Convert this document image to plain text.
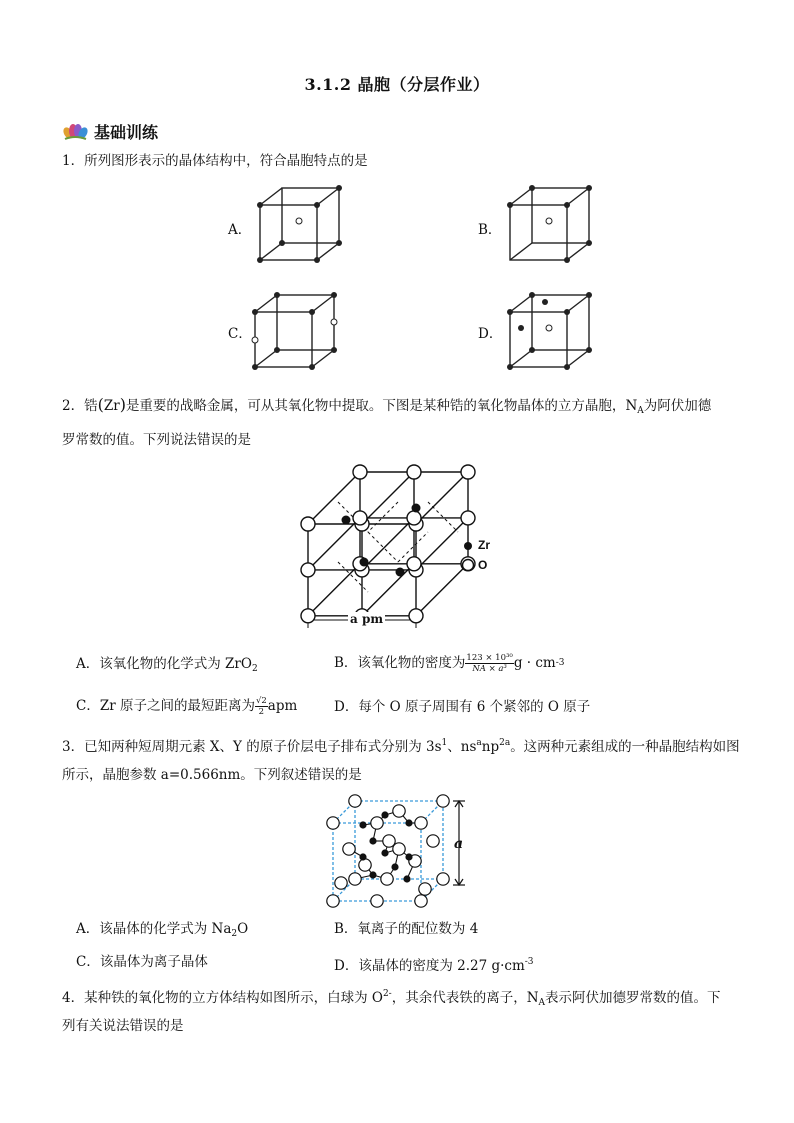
3.1.2 晶胞（分层作业）
基础训练
1．所列图形表示的晶体结构中，符合晶胞特点的是
A．	B．
C．	D．
2．锆(Zr)是重要的战略金属，可从其氧化物中提取。下图是某种锆的氧化物晶体的立方晶胞，$N_A$为阿伏加德
罗常数的值。下列说法错误的是
Zr
O
a pm
A．该氧化物的化学式为 ZrO$_2$	B．该氧化物的密度为 $\frac{\text{123 × 10³⁰}}{\text{NA × a³}}$ g · cm -3
C．Zr 原子之间的最短距离为 $\frac{√2}{2}$ apm	D．每个 O 原子周围有 6 个紧邻的 O 原子
3．已知两种短周期元素 X、Y 的原子价层电子排布式分别为 $3s^1$、$ns^anp^{2a}$。这两种元素组成的一种晶胞结构如图
所示，晶胞参数 a=0.566nm。下列叙述错误的是
a
A．该晶体的化学式为 $Na_2O$	B．氧离子的配位数为 4
C．该晶体为离子晶体	D．该晶体的密度为 2.27 $g\cdot cm^{-3}$
4．某种铁的氧化物的立方体结构如图所示，白球为 $O^{2-}$，其余代表铁的离子，$N_A$表示阿伏加德罗常数的值。下
列有关说法错误的是
